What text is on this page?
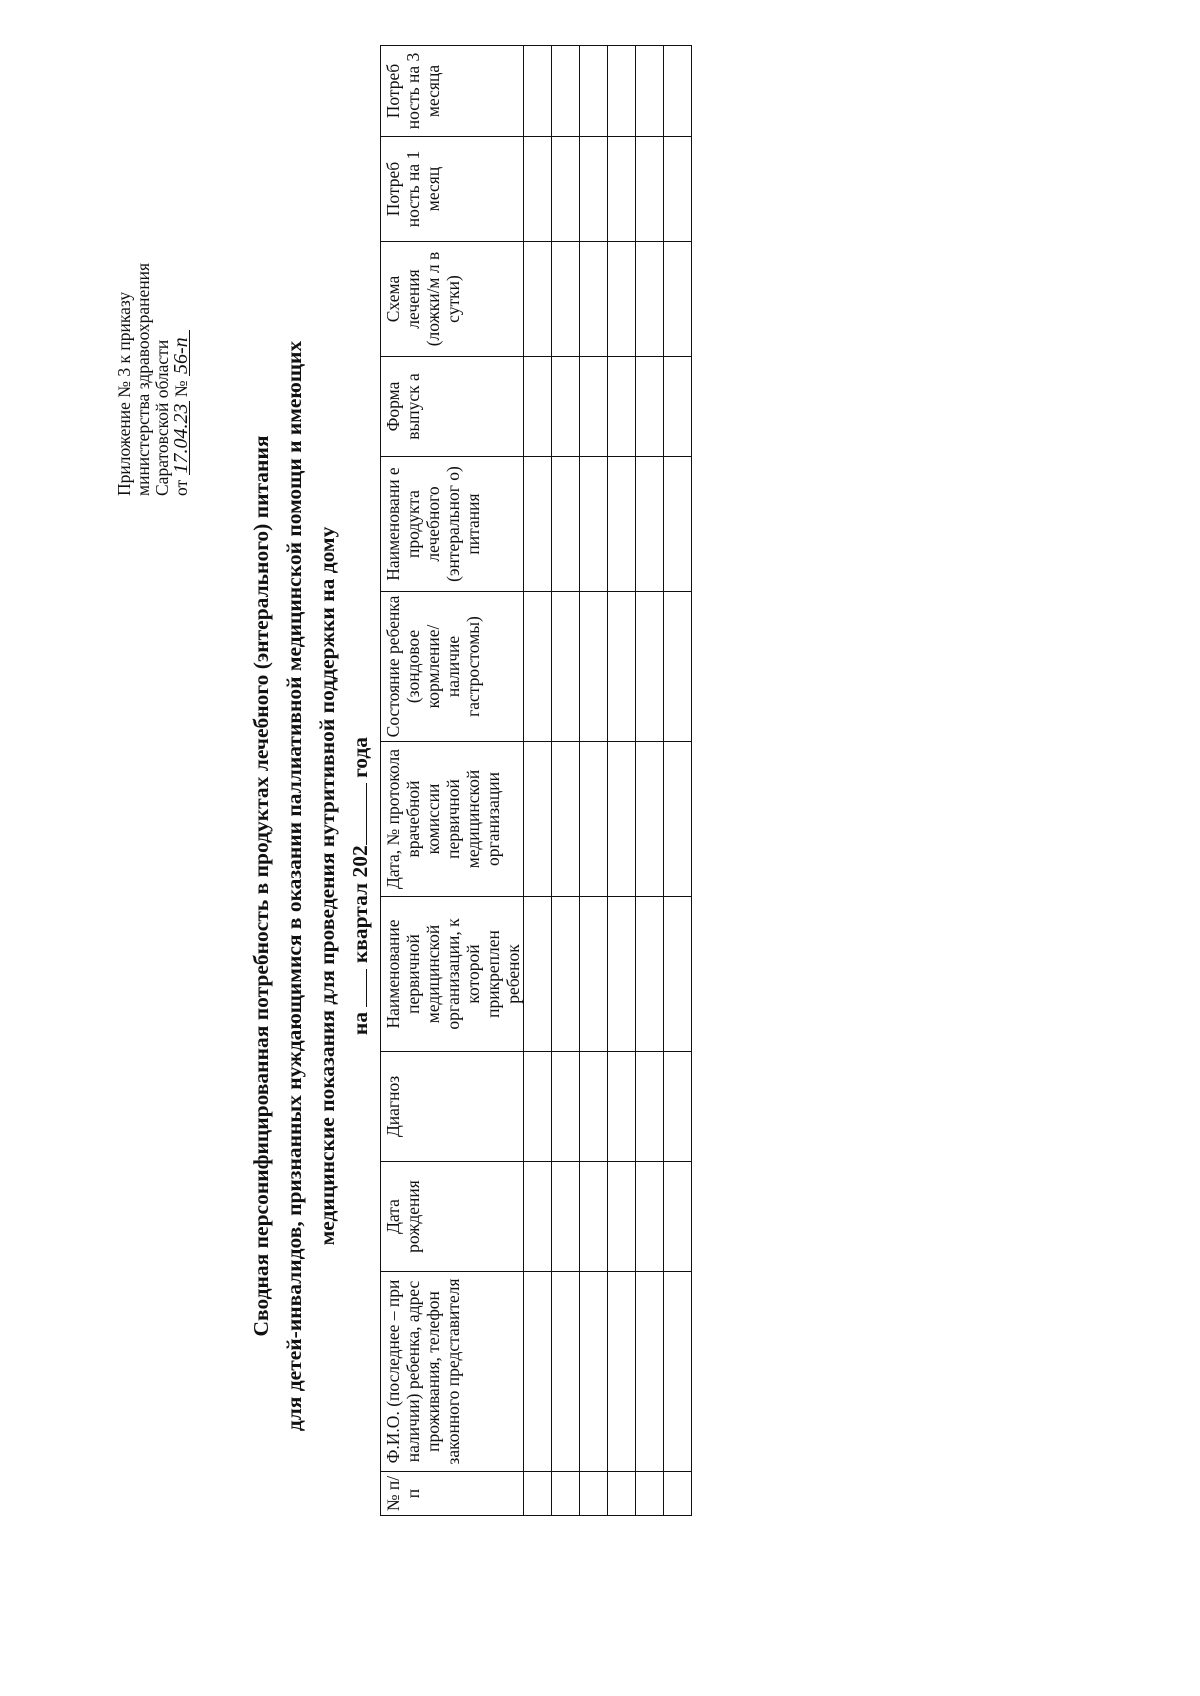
Приложение № 3 к приказу министерства здравоохранения Саратовской области от 17.04.23 № 56-п
Сводная персонифицированная потребность в продуктах лечебного (энтерального) питания для детей-инвалидов, признанных нуждающимися в оказании паллиативной медицинской помощи и имеющих медицинские показания для проведения нутритивной поддержки на дому на  квартал 202 года
№ п/п	Ф.И.О. (последнее – при наличии) ребенка, адрес проживания, телефон законного представителя	Дата рождения	Диагноз	Наименование первичной медицинской организации, к которой прикреплен ребенок	Дата, № протокола врачебной комиссии первичной медицинской организации	Состояние ребенка (зондовое кормление/ наличие гастростомы)	Наименовани е продукта лечебного (энтеральног о) питания	Форма выпуск а	Схема лечения (ложки/м л в сутки)	Потреб ность на 1 месяц	Потреб ность на 3 месяца
